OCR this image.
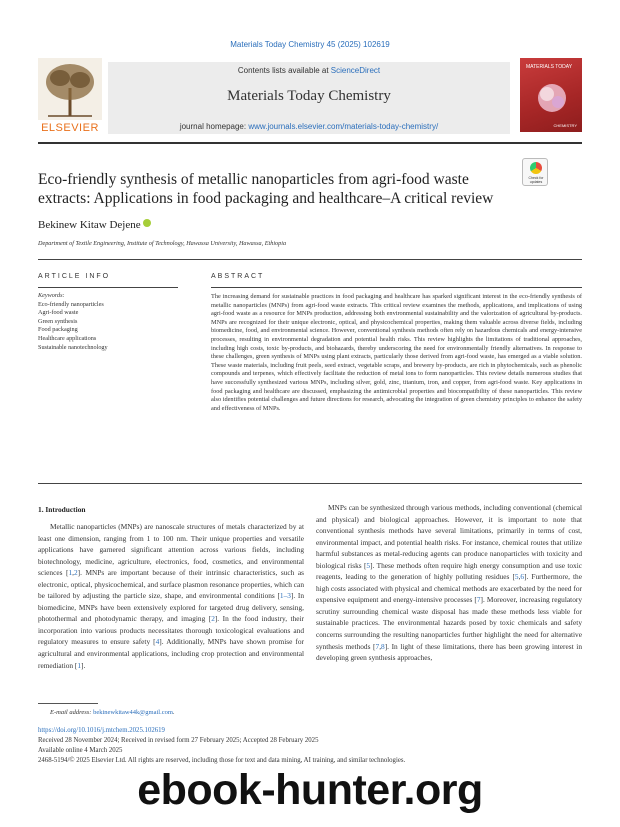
Materials Today Chemistry 45 (2025) 102619
ELSEVIER
Contents lists available at ScienceDirect
Materials Today Chemistry
journal homepage: www.journals.elsevier.com/materials-today-chemistry/
MATERIALS TODAY
CHEMISTRY
Eco-friendly synthesis of metallic nanoparticles from agri-food waste extracts: Applications in food packaging and healthcare–A critical review
Check for updates
Bekinew Kitaw Dejene
Department of Textile Engineering, Institute of Technology, Hawassa University, Hawassa, Ethiopia
ARTICLE INFO	ABSTRACT
Keywords:
Eco-friendly nanoparticles
Agri-food waste
Green synthesis
Food packaging
Healthcare applications
Sustainable nanotechnology
The increasing demand for sustainable practices in food packaging and healthcare has sparked significant interest in the eco-friendly synthesis of metallic nanoparticles (MNPs) from agri-food waste extracts. This critical review examines the methods, applications, and implications of using agri-food waste as a resource for MNPs production, addressing both environmental sustainability and the valorization of agricultural by-products. MNPs are recognized for their unique electronic, optical, and physicochemical properties, making them valuable across diverse fields, including biomedicine, food, and environmental science. However, conventional synthesis methods often rely on hazardous chemicals and energy-intensive processes, resulting in environmental degradation and potential health risks. This review highlights the limitations of traditional approaches, including high costs, toxic by-products, and biohazards, thereby underscoring the need for environmentally friendly alternatives. In response to these challenges, green synthesis of MNPs using plant extracts, particularly those derived from agri-food waste, has emerged as a viable solution. These waste materials, including fruit peels, seed extract, vegetable scraps, and brewery by-products, are rich in phytochemicals, such as phenolic compounds and terpenes, which effectively facilitate the reduction of metal ions to form nanoparticles. This review details numerous studies that have successfully synthesized various MNPs, including silver, gold, zinc, titanium, iron, and copper, from agri-food waste. Key applications in food packaging and healthcare are discussed, emphasizing the antimicrobial properties and biocompatibility of these nanoparticles. This review also identifies potential challenges and future directions for research, advocating the integration of green chemistry principles to enhance the safety and effectiveness of MNPs.
1. Introduction
Metallic nanoparticles (MNPs) are nanoscale structures of metals characterized by at least one dimension, ranging from 1 to 100 nm. Their unique properties and versatile applications have garnered significant attention across various fields, including biotechnology, medicine, agriculture, electronics, food, cosmetics, and environmental sciences [1,2]. MNPs are important because of their intrinsic characteristics, such as electronic, optical, physicochemical, and surface plasmon resonance properties, which can be tailored by adjusting the particle size, shape, and environmental conditions [1–3]. In biomedicine, MNPs have been extensively explored for targeted drug delivery, sensing, photothermal and photodynamic therapy, and imaging [2]. In the food industry, their incorporation into various products necessitates thorough toxicological evaluations and regulatory measures to ensure safety [4]. Additionally, MNPs have shown promise for agricultural and environmental applications, including crop protection and environmental remediation [1].
MNPs can be synthesized through various methods, including conventional (chemical and physical) and biological approaches. However, it is important to note that conventional synthesis methods have several limitations, primarily in terms of cost, environmental impact, and potential health risks. For instance, chemical routes that utilize harmful substances as metal-reducing agents can produce nanoparticles with toxicity and biological risks [5]. These methods often require high energy consumption and use toxic reagents, leading to the generation of highly polluting residues [5,6]. Furthermore, the high costs associated with physical and chemical methods are exacerbated by the need for expensive equipment and energy-intensive processes [7]. Moreover, increasing regulatory scrutiny surrounding chemical waste disposal has made these methods less viable for sustainable practices. The environmental hazards posed by toxic chemicals and safety concerns surrounding the resulting nanoparticles further highlight the need for alternative synthesis methods [7,8]. In light of these limitations, there has been growing interest in developing green synthesis approaches,
E-mail address: bekinewkitaw44k@gmail.com.
https://doi.org/10.1016/j.mtchem.2025.102619
Received 28 November 2024; Received in revised form 27 February 2025; Accepted 28 February 2025
Available online 4 March 2025
2468-5194/© 2025 Elsevier Ltd. All rights are reserved, including those for text and data mining, AI training, and similar technologies.
ebook-hunter.org
